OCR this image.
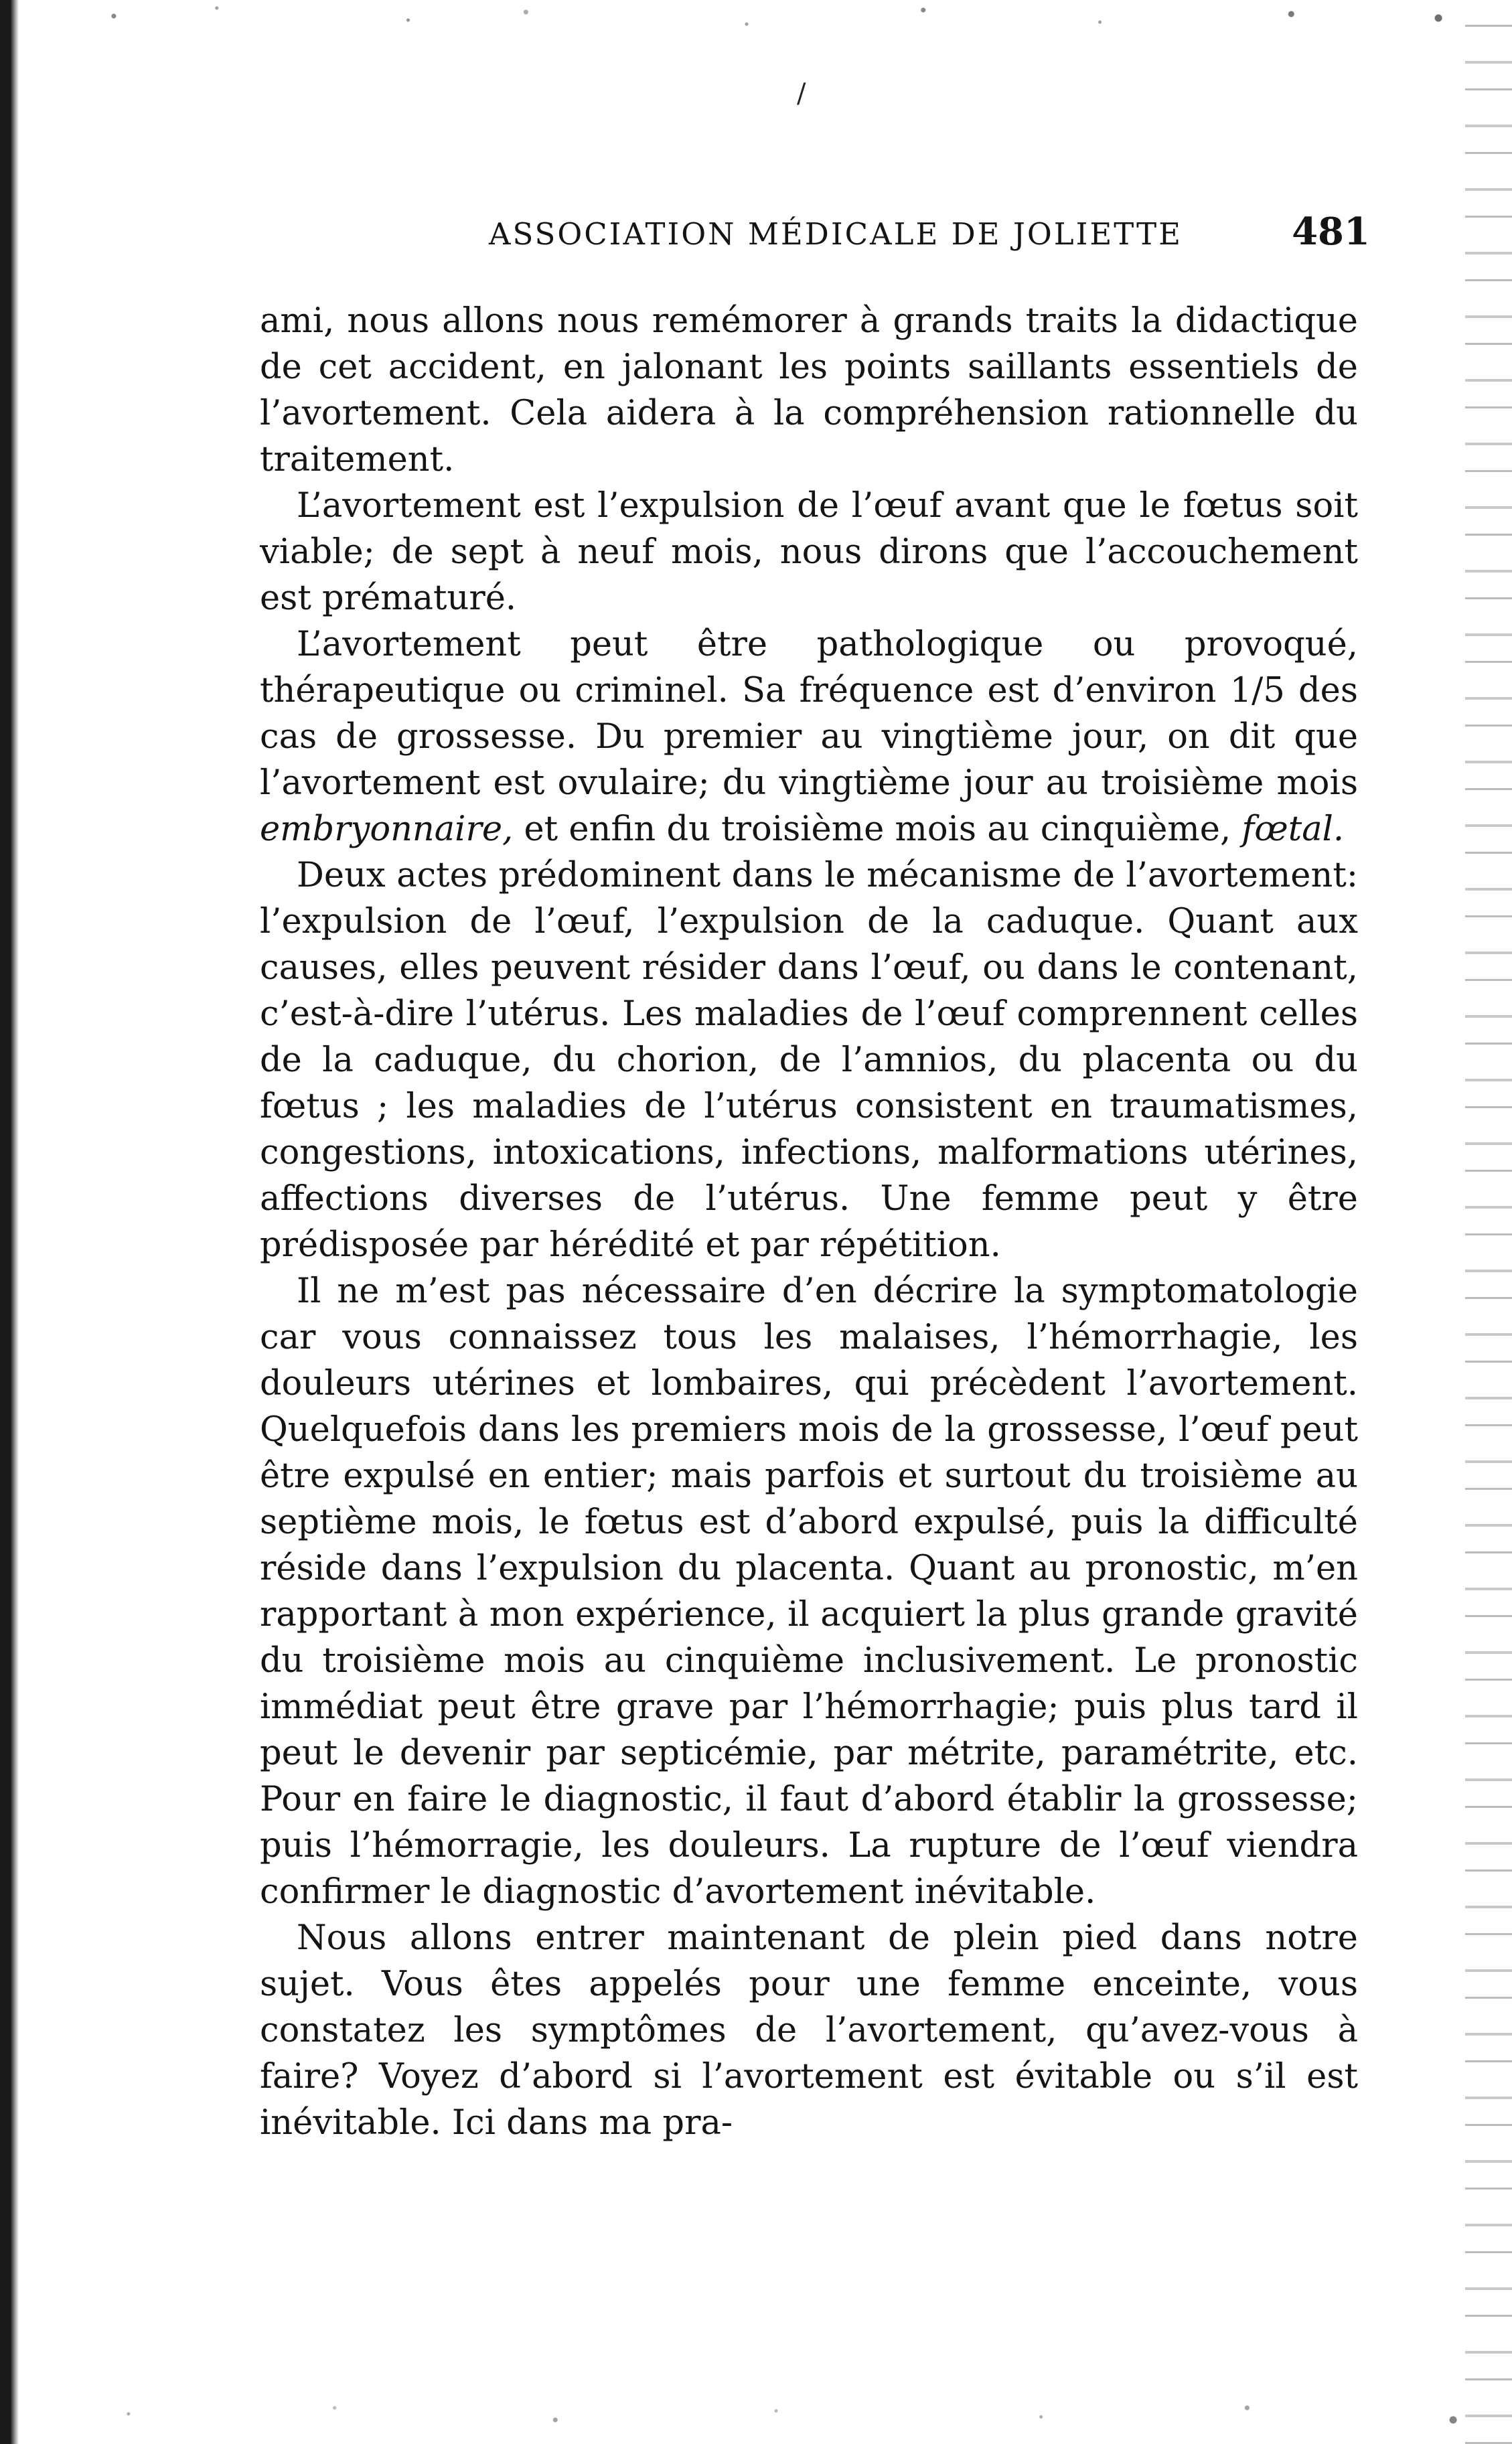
/
ASSOCIATION MÉDICALE DE JOLIETTE	481

ami, nous allons nous remémorer à grands traits la didactique de cet accident, en jalonant les points saillants essentiels de l’avortement. Cela aidera à la compréhension rationnelle du traitement.

L’avortement est l’expulsion de l’œuf avant que le fœtus soit viable; de sept à neuf mois, nous dirons que l’accouchement est prématuré.

L’avortement peut être pathologique ou provoqué, thérapeutique ou criminel. Sa fréquence est d’environ 1/5 des cas de grossesse. Du premier au vingtième jour, on dit que l’avortement est ovulaire; du vingtième jour au troisième mois embryonnaire, et enfin du troisième mois au cinquième, fœtal.

Deux actes prédominent dans le mécanisme de l’avortement: l’expulsion de l’œuf, l’expulsion de la caduque. Quant aux causes, elles peuvent résider dans l’œuf, ou dans le contenant, c’est-à-dire l’utérus. Les maladies de l’œuf comprennent celles de la caduque, du chorion, de l’amnios, du placenta ou du fœtus ; les maladies de l’utérus consistent en traumatismes, congestions, intoxications, infections, malformations utérines, affections diverses de l’utérus. Une femme peut y être prédisposée par hérédité et par répétition.

Il ne m’est pas nécessaire d’en décrire la symptomatologie car vous connaissez tous les malaises, l’hémorrhagie, les douleurs utérines et lombaires, qui précèdent l’avortement. Quelquefois dans les premiers mois de la grossesse, l’œuf peut être expulsé en entier; mais parfois et surtout du troisième au septième mois, le fœtus est d’abord expulsé, puis la difficulté réside dans l’expulsion du placenta. Quant au pronostic, m’en rapportant à mon expérience, il acquiert la plus grande gravité du troisième mois au cinquième inclusivement. Le pronostic immédiat peut être grave par l’hémorrhagie; puis plus tard il peut le devenir par septicémie, par métrite, paramétrite, etc. Pour en faire le diagnostic, il faut d’abord établir la grossesse; puis l’hémorragie, les douleurs. La rupture de l’œuf viendra confirmer le diagnostic d’avortement inévitable.

Nous allons entrer maintenant de plein pied dans notre sujet. Vous êtes appelés pour une femme enceinte, vous constatez les symptômes de l’avortement, qu’avez-vous à faire? Voyez d’abord si l’avortement est évitable ou s’il est inévitable. Ici dans ma pra-
